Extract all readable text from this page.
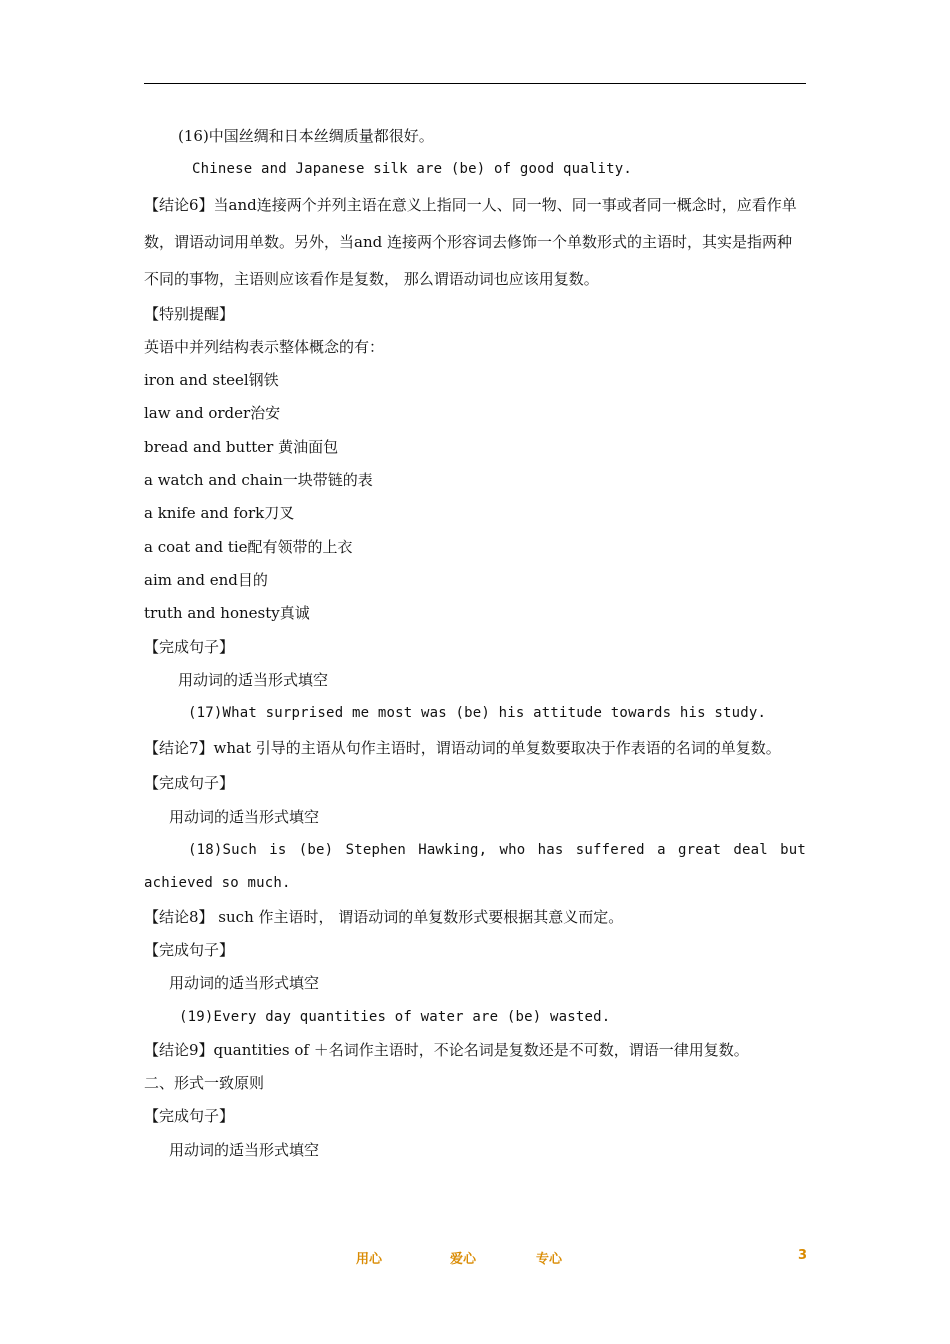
(16)中国丝绸和日本丝绸质量都很好。
Chinese and Japanese silk are (be) of good quality.
【结论6】当and连接两个并列主语在意义上指同一人、同一物、同一事或者同一概念时，应看作单数，谓语动词用单数。另外，当and 连接两个形容词去修饰一个单数形式的主语时，其实是指两种不同的事物，主语则应该看作是复数， 那么谓语动词也应该用复数。
【特别提醒】
英语中并列结构表示整体概念的有：
iron and steel钢铁
law and order治安
bread and butter 黄油面包
a watch and chain一块带链的表
a knife and fork刀叉
a coat and tie配有领带的上衣
aim and end目的
truth and honesty真诚
【完成句子】
用动词的适当形式填空
(17)What surprised me most was (be) his attitude towards his study.
【结论7】what 引导的主语从句作主语时，谓语动词的单复数要取决于作表语的名词的单复数。
【完成句子】
用动词的适当形式填空
(18)Such is (be) Stephen Hawking, who has suffered a great deal but
achieved so much.
【结论8】 such 作主语时， 谓语动词的单复数形式要根据其意义而定。
【完成句子】
用动词的适当形式填空
(19)Every day quantities of water are (be) wasted.
【结论9】quantities of ＋名词作主语时，不论名词是复数还是不可数，谓语一律用复数。
二、形式一致原则
【完成句子】
用动词的适当形式填空
用心	爱心	专心	3
